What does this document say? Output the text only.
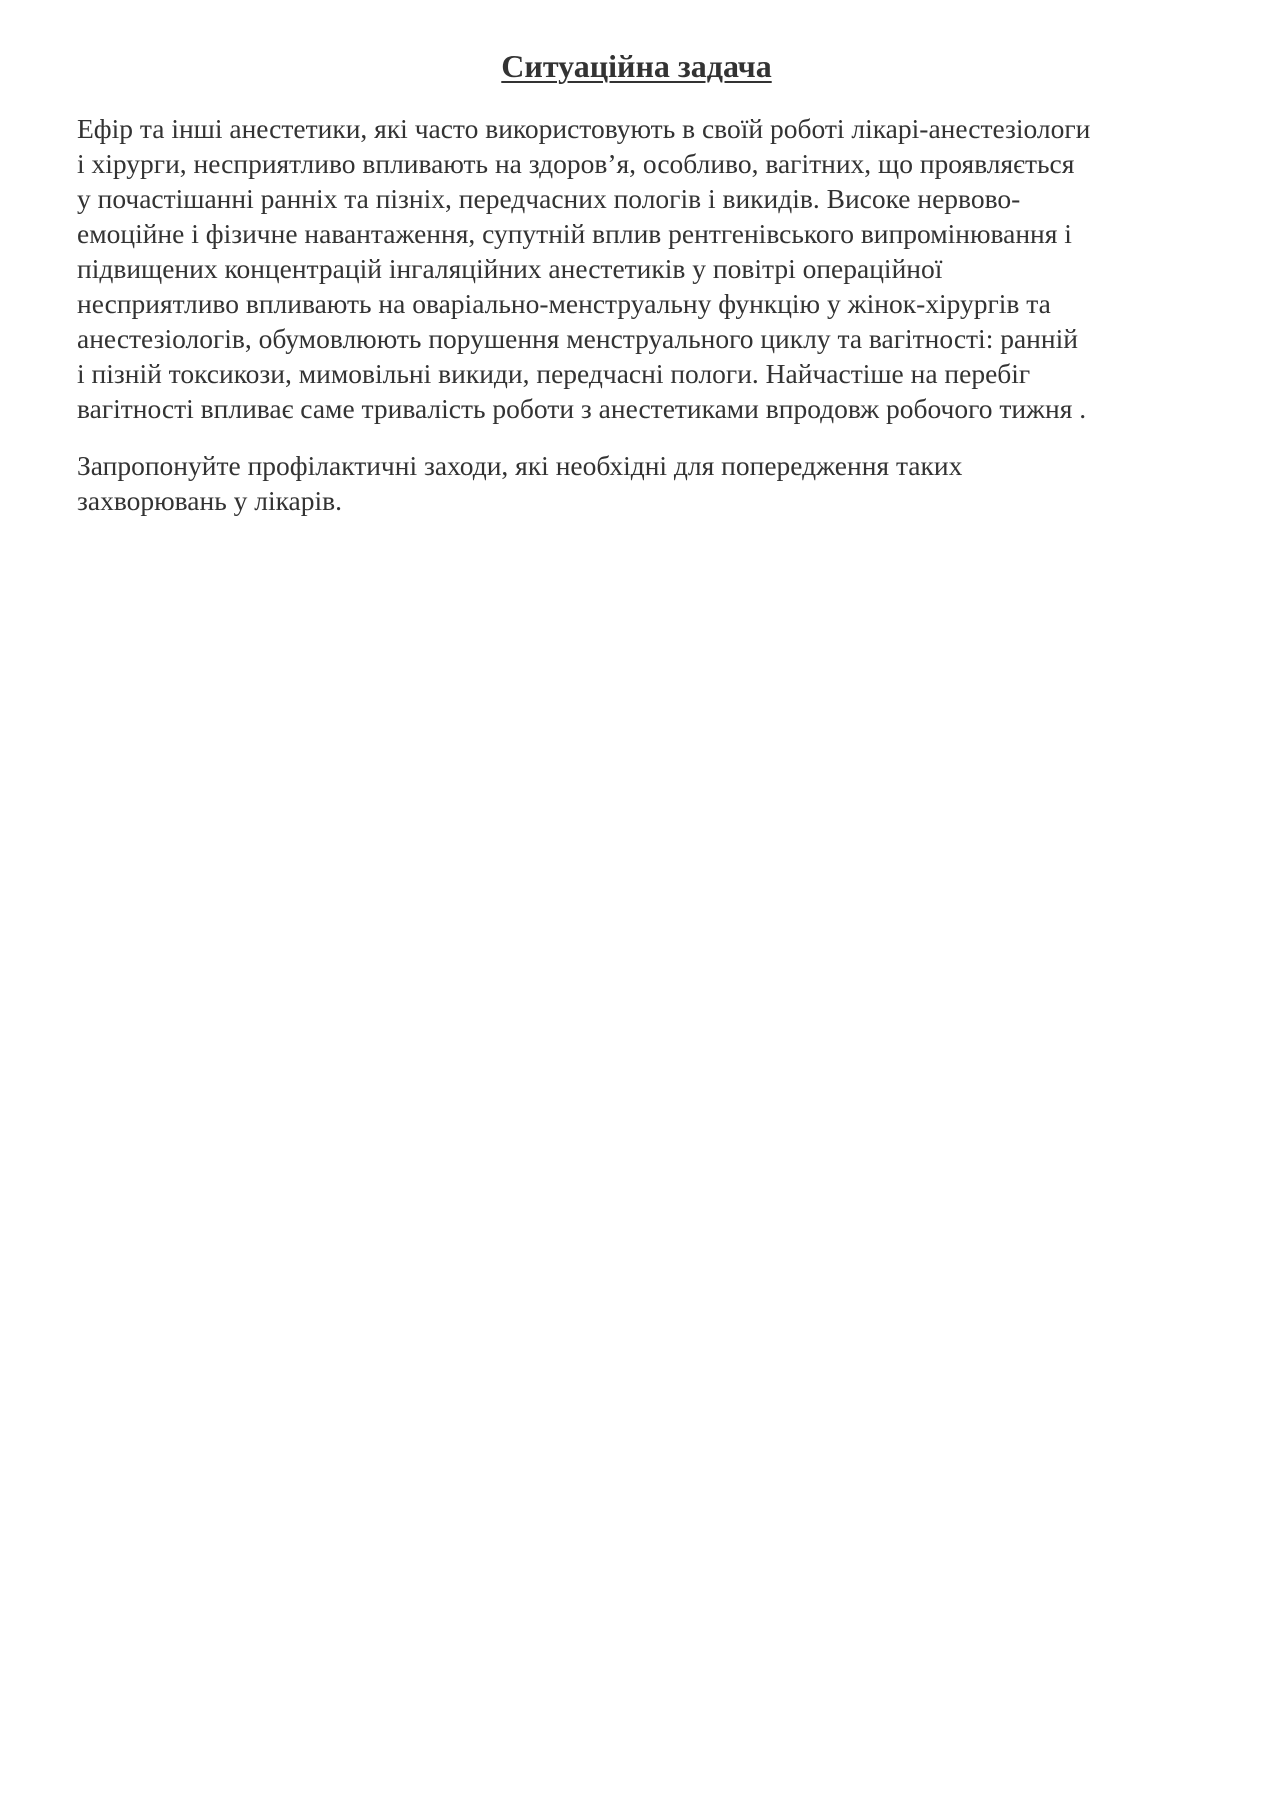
Ситуаційна задача

Ефір та інші анестетики, які часто використовують в своїй роботі лікарі-анестезіологи
і хірурги, несприятливо впливають на здоров’я, особливо, вагітних, що проявляється
у почастішанні ранніх та пізніх, передчасних пологів і викидів. Високе нервово-
емоційне і фізичне навантаження, супутній вплив рентгенівського випромінювання і
підвищених концентрацій інгаляційних анестетиків у повітрі операційної
несприятливо впливають на оваріально-менструальну функцію у жінок-хірургів та
анестезіологів, обумовлюють порушення менструального циклу та вагітності: ранній
і пізній токсикози, мимовільні викиди, передчасні пологи. Найчастіше на перебіг
вагітності впливає саме тривалість роботи з анестетиками впродовж робочого тижня .

Запропонуйте профілактичні заходи, які необхідні для попередження таких
захворювань у лікарів.
